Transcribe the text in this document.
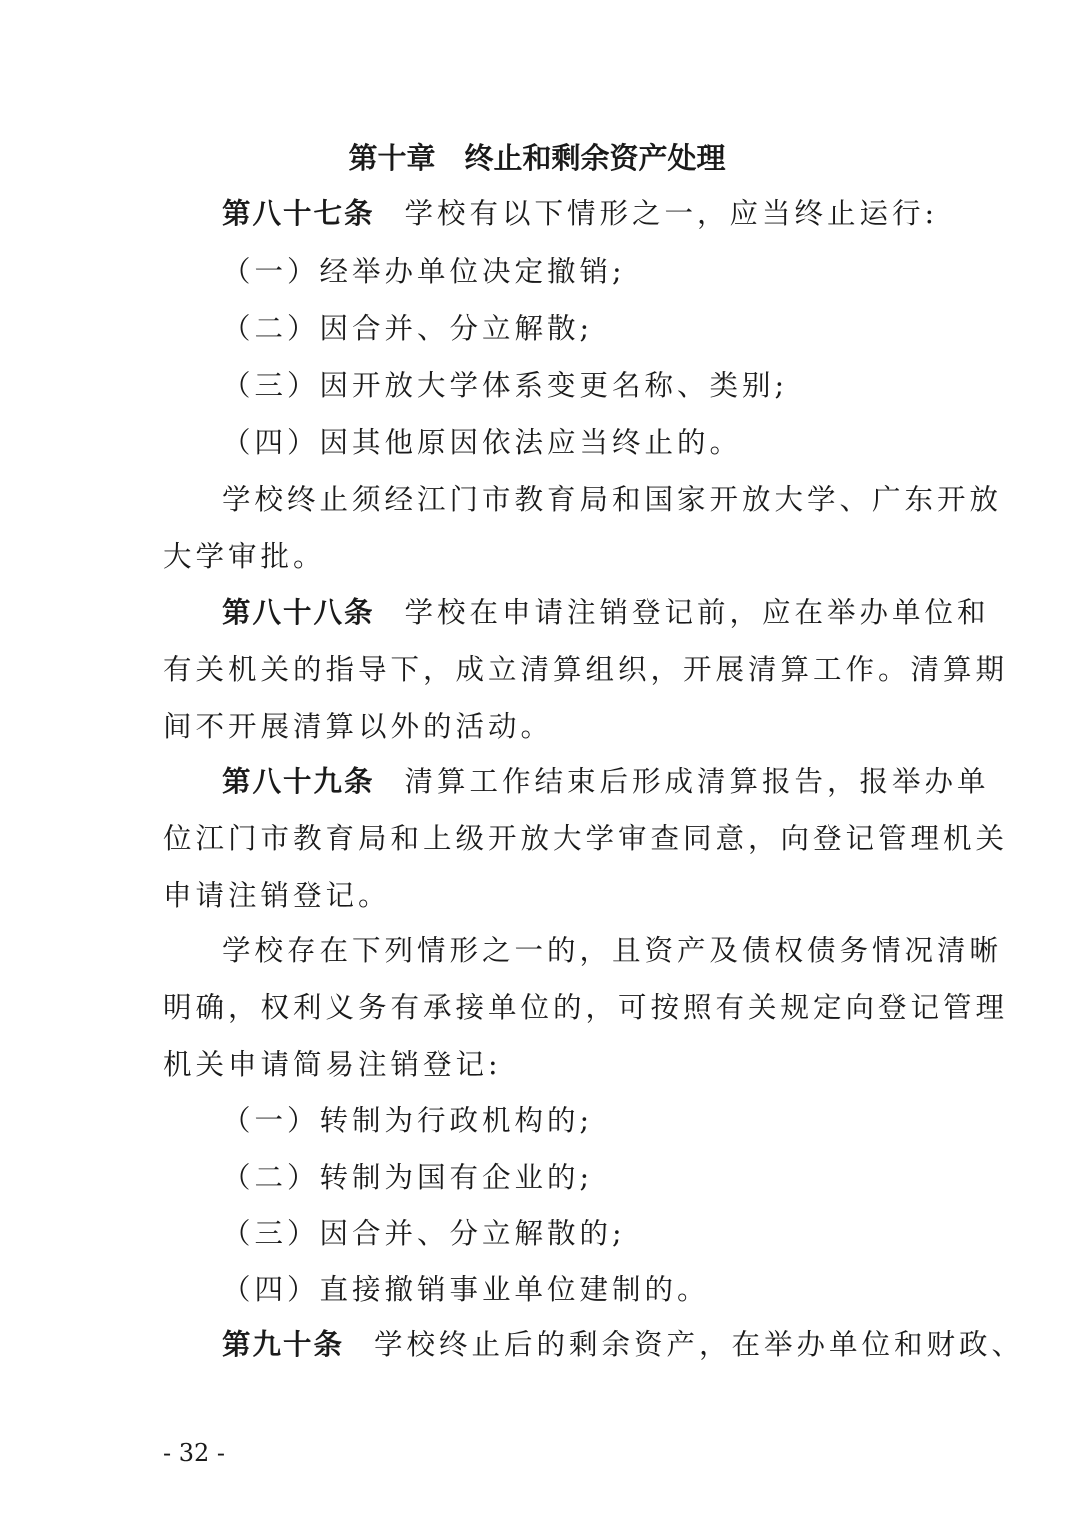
第十章　终止和剩余资产处理
第八十七条 学校有以下情形之一，应当终止运行:
（一）经举办单位决定撤销;
（二）因合并、分立解散;
（三）因开放大学体系变更名称、类别;
（四）因其他原因依法应当终止的。
学校终止须经江门市教育局和国家开放大学、广东开放
大学审批。
第八十八条 学校在申请注销登记前，应在举办单位和
有关机关的指导下，成立清算组织，开展清算工作。清算期
间不开展清算以外的活动。
第八十九条 清算工作结束后形成清算报告，报举办单
位江门市教育局和上级开放大学审查同意，向登记管理机关
申请注销登记。
学校存在下列情形之一的，且资产及债权债务情况清晰
明确，权利义务有承接单位的，可按照有关规定向登记管理
机关申请简易注销登记:
（一）转制为行政机构的;
（二）转制为国有企业的;
（三）因合并、分立解散的;
（四）直接撤销事业单位建制的。
第九十条 学校终止后的剩余资产，在举办单位和财政、
- 32 -
